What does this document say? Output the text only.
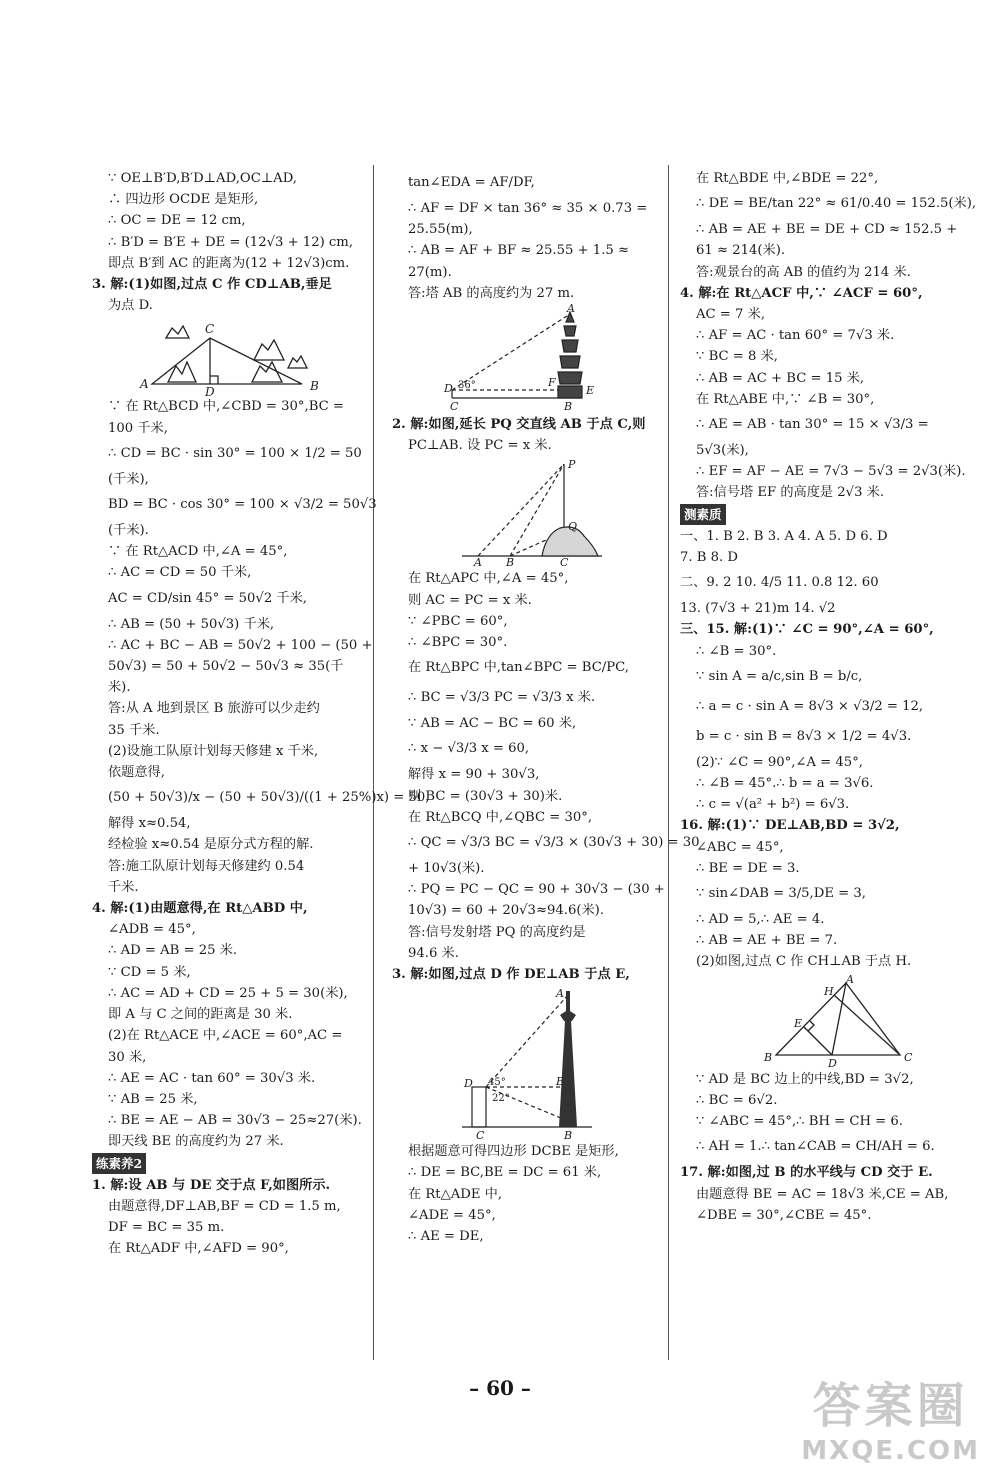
∵ OE⊥B′D,B′D⊥AD,OC⊥AD,
∴ 四边形 OCDE 是矩形,
∴ OC = DE = 12 cm,
∴ B′D = B′E + DE = (12√3 + 12) cm,
即点 B′到 AC 的距离为(12 + 12√3)cm.
3. 解:(1)如图,过点 C 作 CD⊥AB,垂足
为点 D.
C
A
D	B
∵ 在 Rt△BCD 中,∠CBD = 30°,BC =
100 千米,
∴ CD = BC · sin 30° = 100 × 1/2 = 50
(千米),
BD = BC · cos 30° = 100 × √3/2 = 50√3
(千米).
∵ 在 Rt△ACD 中,∠A = 45°,
∴ AC = CD = 50 千米,
AC = CD/sin 45° = 50√2 千米,
∴ AB = (50 + 50√3) 千米,
∴ AC + BC − AB = 50√2 + 100 − (50 +
50√3) = 50 + 50√2 − 50√3 ≈ 35(千
米).
答:从 A 地到景区 B 旅游可以少走约
35 千米.
(2)设施工队原计划每天修建 x 千米,
依题意得,
(50 + 50√3)/x − (50 + 50√3)/((1 + 25%)x) = 50,
解得 x≈0.54,
经检验 x≈0.54 是原分式方程的解.
答:施工队原计划每天修建约 0.54
千米.
4. 解:(1)由题意得,在 Rt△ABD 中,
∠ADB = 45°,
∴ AD = AB = 25 米.
∵ CD = 5 米,
∴ AC = AD + CD = 25 + 5 = 30(米),
即 A 与 C 之间的距离是 30 米.
(2)在 Rt△ACE 中,∠ACE = 60°,AC =
30 米,
∴ AE = AC · tan 60° = 30√3 米.
∵ AB = 25 米,
∴ BE = AE − AB = 30√3 − 25≈27(米).
即天线 BE 的高度约为 27 米.
练素养2
1. 解:设 AB 与 DE 交于点 F,如图所示.
由题意得,DF⊥AB,BF = CD = 1.5 m,
DF = BC = 35 m.
在 Rt△ADF 中,∠AFD = 90°,
tan∠EDA = AF/DF,
∴ AF = DF × tan 36° ≈ 35 × 0.73 =
25.55(m),
∴ AB = AF + BF ≈ 25.55 + 1.5 ≈
27(m).
答:塔 AB 的高度约为 27 m.
A
D 36°	F
E
C	B
2. 解:如图,延长 PQ 交直线 AB 于点 C,则
PC⊥AB. 设 PC = x 米.
P
Q
A B	C
在 Rt△APC 中,∠A = 45°,
则 AC = PC = x 米.
∵ ∠PBC = 60°,
∴ ∠BPC = 30°.
在 Rt△BPC 中,tan∠BPC = BC/PC,
∴ BC = √3/3 PC = √3/3 x 米.
∵ AB = AC − BC = 60 米,
∴ x − √3/3 x = 60,
解得 x = 90 + 30√3,
则 BC = (30√3 + 30)米.
在 Rt△BCQ 中,∠QBC = 30°,
∴ QC = √3/3 BC = √3/3 × (30√3 + 30) = 30
+ 10√3(米).
∴ PQ = PC − QC = 90 + 30√3 − (30 +
10√3) = 60 + 20√3≈94.6(米).
答:信号发射塔 PQ 的高度约是
94.6 米.
3. 解:如图,过点 D 作 DE⊥AB 于点 E,
A
D 45°
22°
E
C	B
根据题意可得四边形 DCBE 是矩形,
∴ DE = BC,BE = DC = 61 米,
在 Rt△ADE 中,
∠ADE = 45°,
∴ AE = DE,
在 Rt△BDE 中,∠BDE = 22°,
∴ DE = BE/tan 22° ≈ 61/0.40 = 152.5(米),
∴ AB = AE + BE = DE + CD ≈ 152.5 +
61 ≈ 214(米).
答:观景台的高 AB 的值约为 214 米.
4. 解:在 Rt△ACF 中,∵ ∠ACF = 60°,
AC = 7 米,
∴ AF = AC · tan 60° = 7√3 米.
∵ BC = 8 米,
∴ AB = AC + BC = 15 米,
在 Rt△ABE 中,∵ ∠B = 30°,
∴ AE = AB · tan 30° = 15 × √3/3 =
5√3(米),
∴ EF = AF − AE = 7√3 − 5√3 = 2√3(米).
答:信号塔 EF 的高度是 2√3 米.
测素质
一、1. B 2. B 3. A 4. A 5. D 6. D
7. B 8. D
二、9. 2 10. 4/5 11. 0.8 12. 60
13. (7√3 + 21)m 14. √2
三、15. 解:(1)∵ ∠C = 90°,∠A = 60°,
∴ ∠B = 30°.
∵ sin A = a/c,sin B = b/c,
∴ a = c · sin A = 8√3 × √3/2 = 12,
b = c · sin B = 8√3 × 1/2 = 4√3.
(2)∵ ∠C = 90°,∠A = 45°,
∴ ∠B = 45°.∴ b = a = 3√6.
∴ c = √(a² + b²) = 6√3.
16. 解:(1)∵ DE⊥AB,BD = 3√2,
∠ABC = 45°,
∴ BE = DE = 3.
∵ sin∠DAB = 3/5,DE = 3,
∴ AD = 5,∴ AE = 4.
∴ AB = AE + BE = 7.
(2)如图,过点 C 作 CH⊥AB 于点 H.
H
A
E
B	D	C
∵ AD 是 BC 边上的中线,BD = 3√2,
∴ BC = 6√2.
∵ ∠ABC = 45°,∴ BH = CH = 6.
∴ AH = 1.∴ tan∠CAB = CH/AH = 6.
17. 解:如图,过 B 的水平线与 CD 交于 E.
由题意得 BE = AC = 18√3 米,CE = AB,
∠DBE = 30°,∠CBE = 45°.
– 60 –	答案圈
MXQE.COM
